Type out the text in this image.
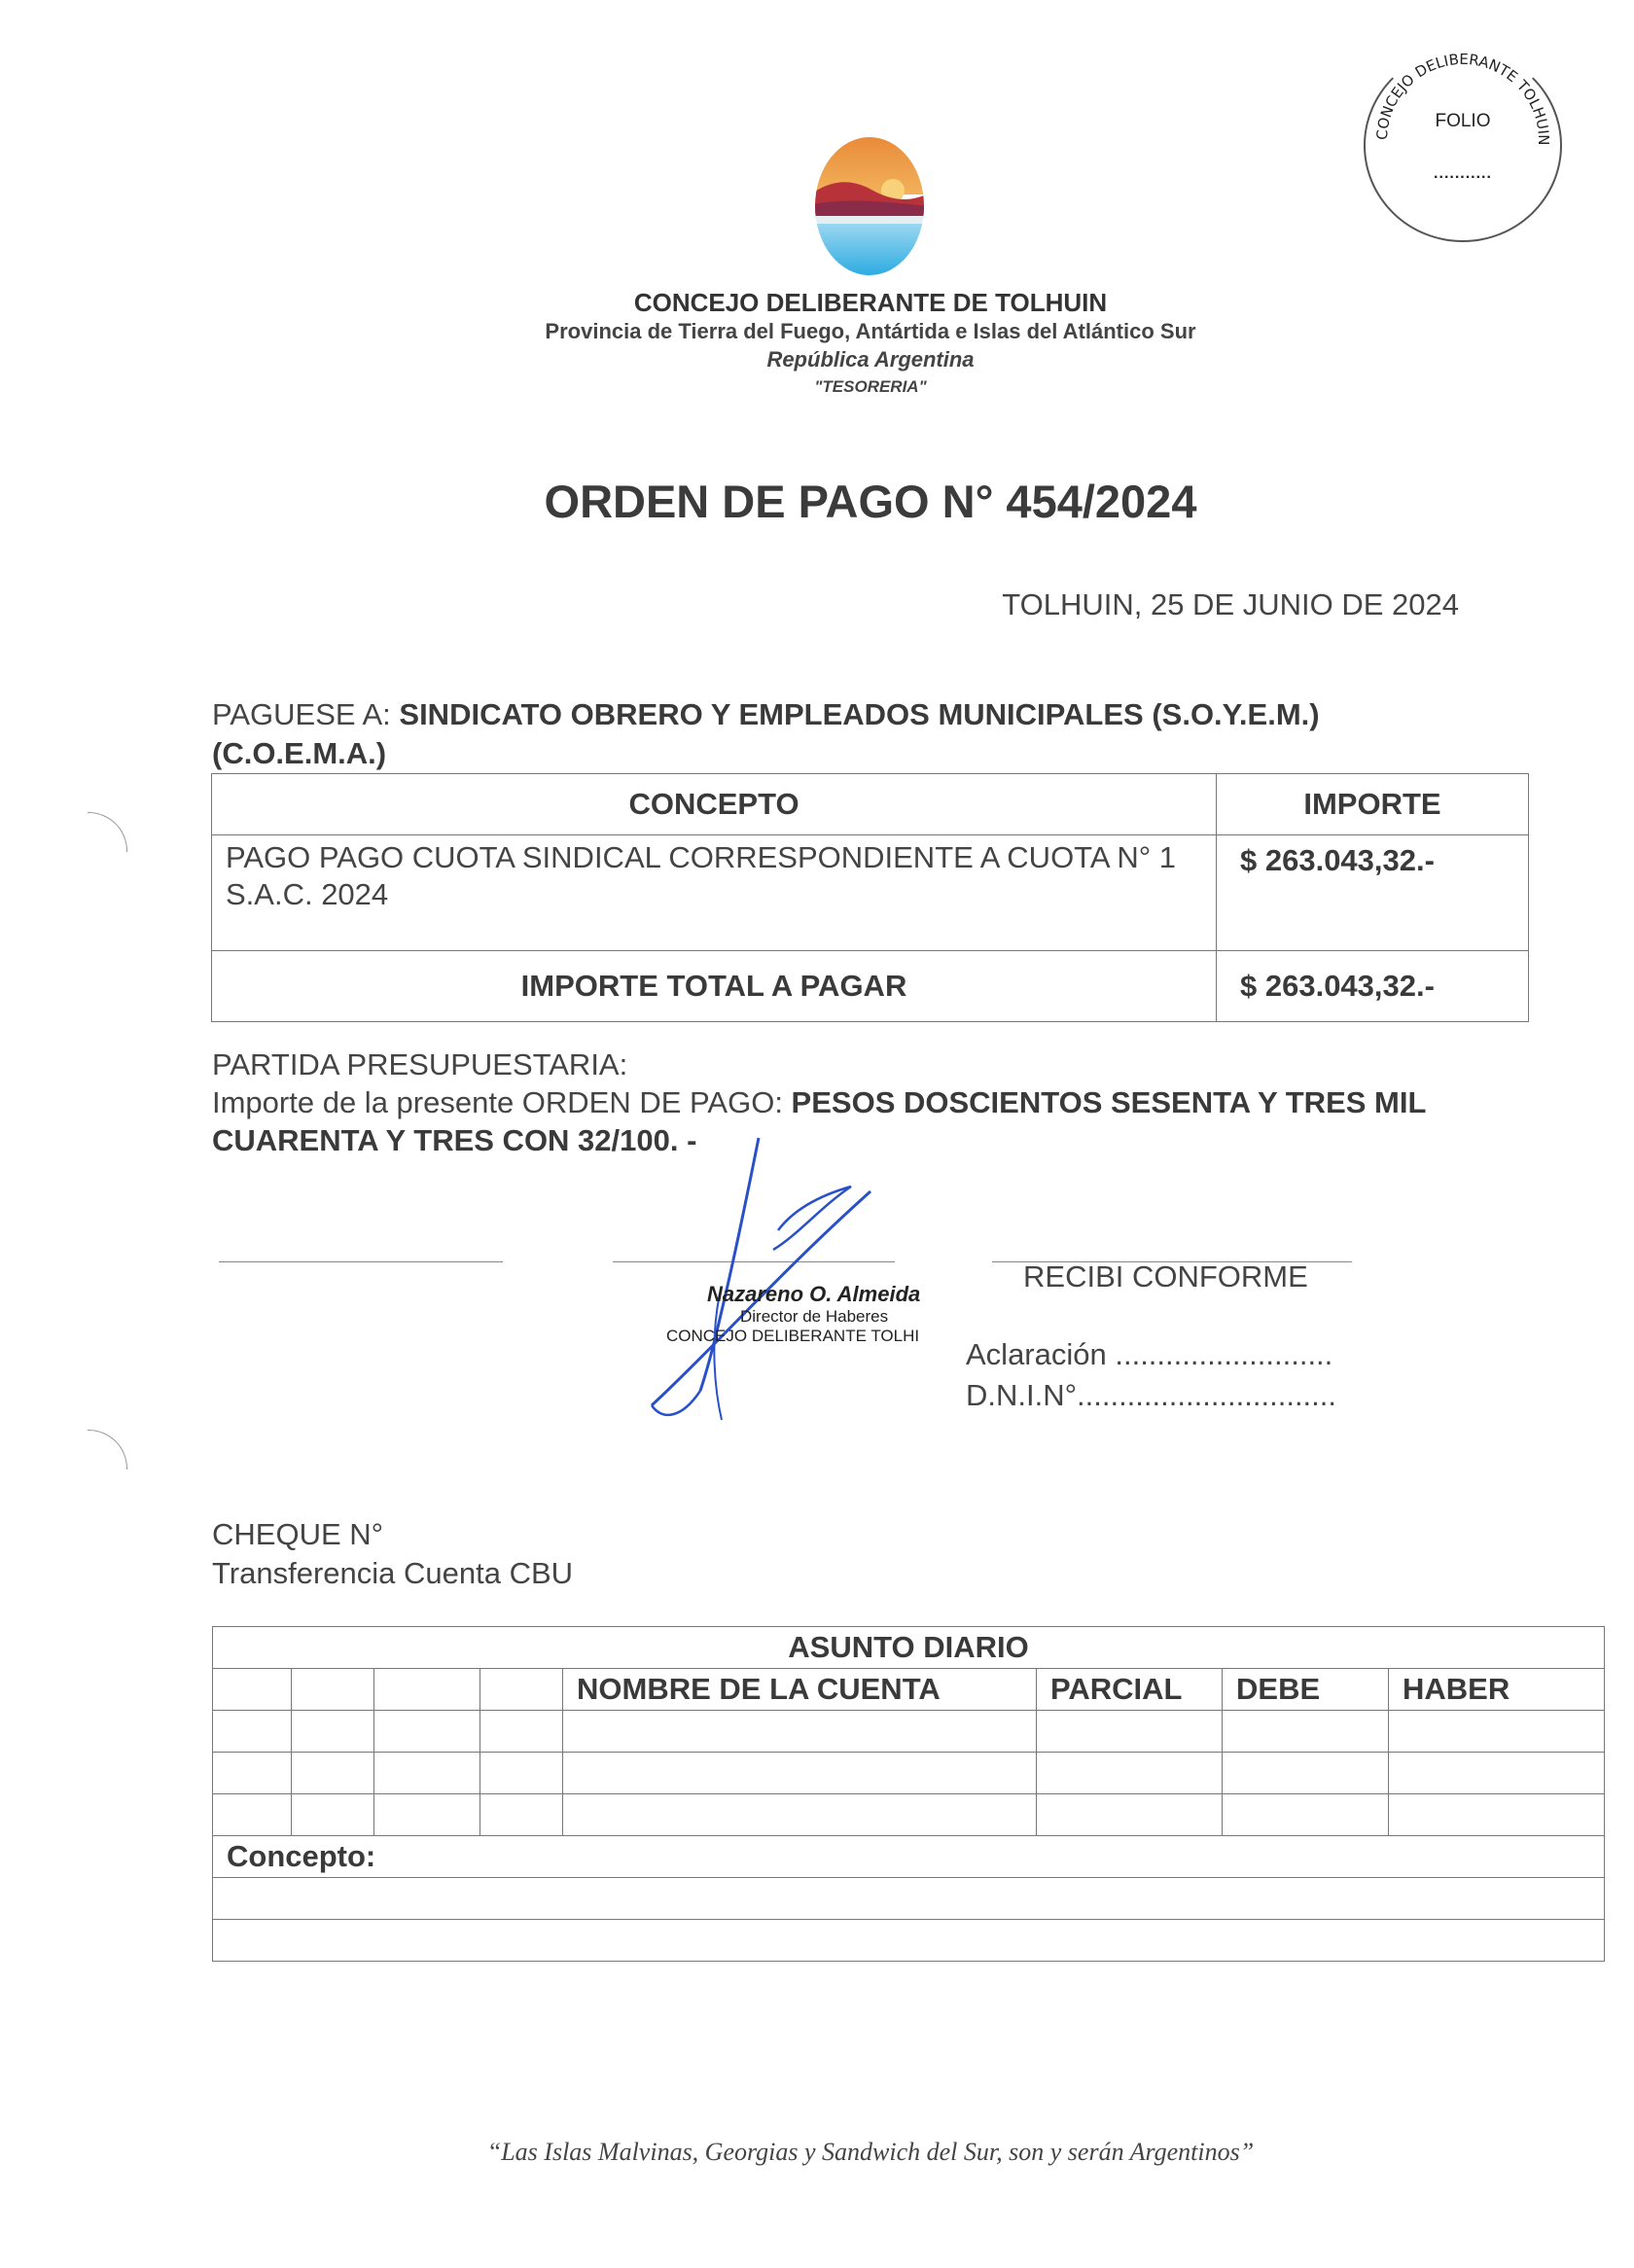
CONCEJO DELIBERANTE TOLHUIN
FOLIO
...........
CONCEJO DELIBERANTE DE TOLHUIN
Provincia de Tierra del Fuego, Antártida e Islas del Atlántico Sur
República Argentina
"TESORERIA"
ORDEN DE PAGO N° 454/2024
TOLHUIN, 25 DE JUNIO DE 2024
PAGUESE A: SINDICATO OBRERO Y EMPLEADOS MUNICIPALES (S.O.Y.E.M.)(C.O.E.M.A.)
CONCEPTO	IMPORTE
PAGO PAGO CUOTA SINDICAL CORRESPONDIENTE A CUOTA N° 1 S.A.C. 2024	$ 263.043,32.-
IMPORTE TOTAL A PAGAR	$ 263.043,32.-
PARTIDA PRESUPUESTARIA:
Importe de la presente ORDEN DE PAGO: PESOS DOSCIENTOS SESENTA Y TRES MIL CUARENTA Y TRES CON 32/100. -
Nazareno O. Almeida
Director de Haberes
CONCEJO DELIBERANTE TOLHI
RECIBI CONFORME
Aclaración ..........................
D.N.I.N°...............................
CHEQUE N°
Transferencia Cuenta CBU
ASUNTO DIARIO							
				NOMBRE DE LA CUENTA	PARCIAL	DEBE	HABER

Concepto:							

“Las Islas Malvinas, Georgias y Sandwich del Sur, son y serán Argentinos”
